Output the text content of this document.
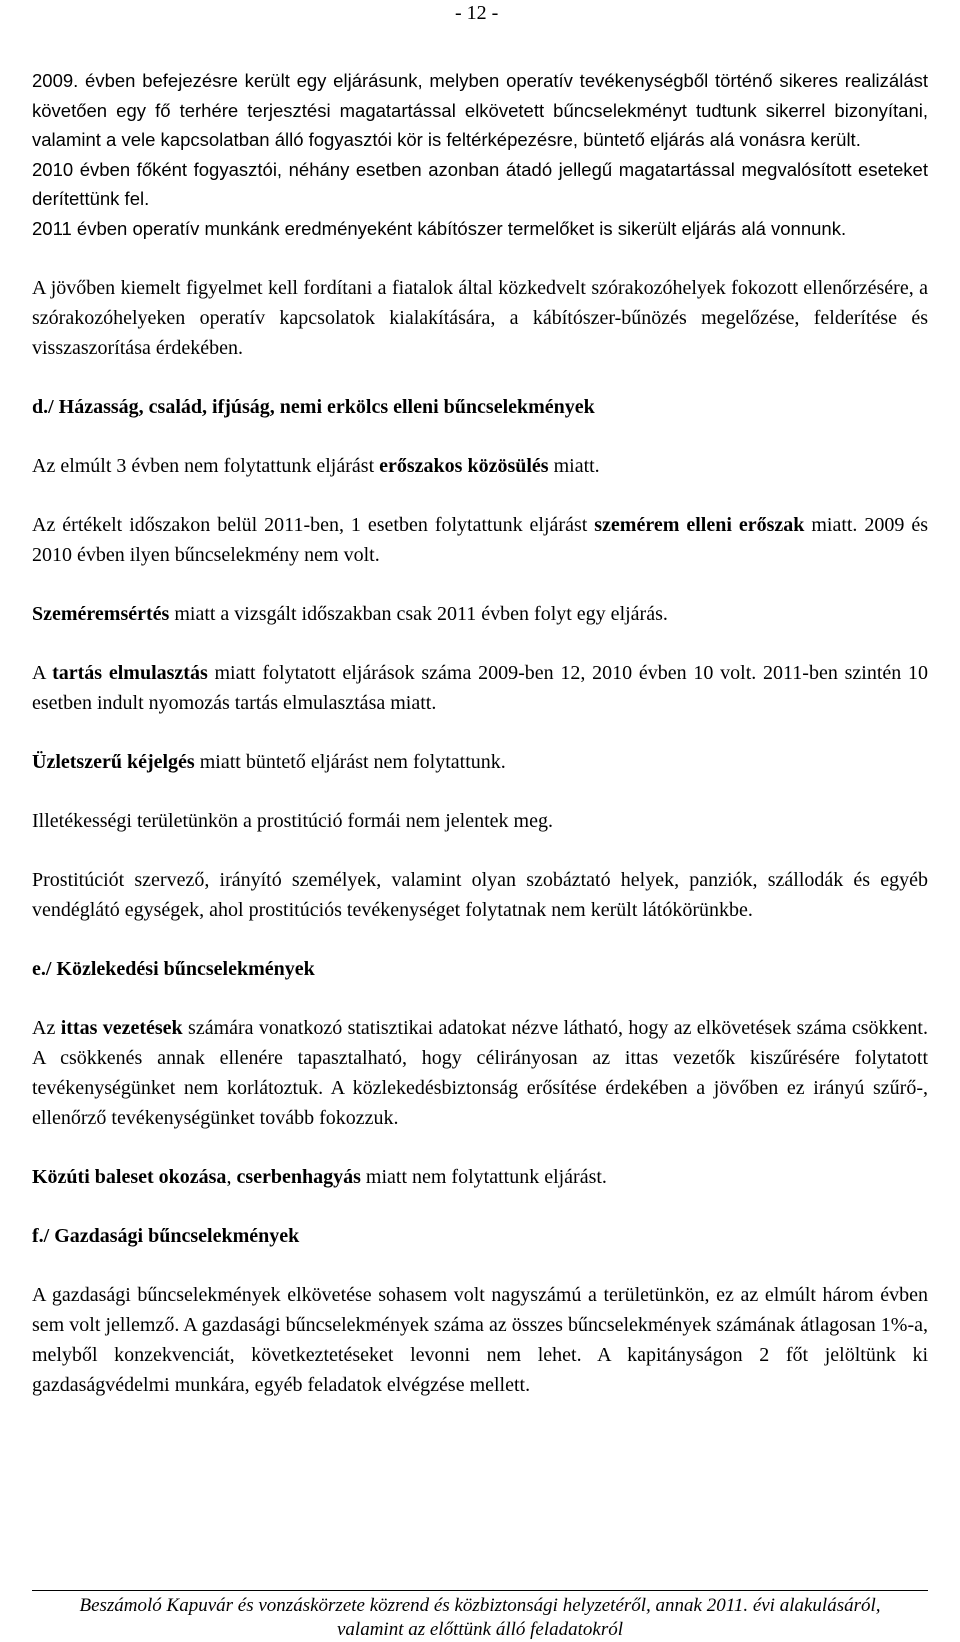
- 12 -

2009. évben befejezésre került egy eljárásunk, melyben operatív tevékenységből történő sikeres realizálást követően egy fő terhére terjesztési magatartással elkövetett bűncselekményt tudtunk sikerrel bizonyítani, valamint a vele kapcsolatban álló fogyasztói kör is feltérképezésre, büntető eljárás alá vonásra került.

2010 évben főként fogyasztói, néhány esetben azonban átadó jellegű magatartással megvalósított eseteket derítettünk fel.

2011 évben operatív munkánk eredményeként kábítószer termelőket is sikerült eljárás alá vonnunk.

A jövőben kiemelt figyelmet kell fordítani a fiatalok által közkedvelt szórakozóhelyek fokozott ellenőrzésére, a szórakozóhelyeken operatív kapcsolatok kialakítására, a kábítószer-bűnözés megelőzése, felderítése és visszaszorítása érdekében.

d./ Házasság, család, ifjúság, nemi erkölcs elleni bűncselekmények

Az elmúlt 3 évben nem folytattunk eljárást erőszakos közösülés miatt.

Az értékelt időszakon belül 2011-ben, 1 esetben folytattunk eljárást szemérem elleni erőszak miatt. 2009 és 2010 évben ilyen bűncselekmény nem volt.

Szeméremsértés miatt a vizsgált időszakban csak 2011 évben folyt egy eljárás.

A tartás elmulasztás miatt folytatott eljárások száma 2009-ben 12, 2010 évben 10 volt. 2011-ben szintén 10 esetben indult nyomozás tartás elmulasztása miatt.

Üzletszerű kéjelgés miatt büntető eljárást nem folytattunk.

Illetékességi területünkön a prostitúció formái nem jelentek meg.

Prostitúciót szervező, irányító személyek, valamint olyan szobáztató helyek, panziók, szállodák és egyéb vendéglátó egységek, ahol prostitúciós tevékenységet folytatnak nem került látókörünkbe.

e./ Közlekedési bűncselekmények

Az ittas vezetések számára vonatkozó statisztikai adatokat nézve látható, hogy az elkövetések száma csökkent. A csökkenés annak ellenére tapasztalható, hogy célirányosan az ittas vezetők kiszűrésére folytatott tevékenységünket nem korlátoztuk. A közlekedésbiztonság erősítése érdekében a jövőben ez irányú szűrő-, ellenőrző tevékenységünket tovább fokozzuk.

Közúti baleset okozása, cserbenhagyás miatt nem folytattunk eljárást.

f./ Gazdasági bűncselekmények

A gazdasági bűncselekmények elkövetése sohasem volt nagyszámú a területünkön, ez az elmúlt három évben sem volt jellemző. A gazdasági bűncselekmények száma az összes bűncselekmények számának átlagosan 1%-a, melyből konzekvenciát, következtetéseket levonni nem lehet. A kapitányságon 2 főt jelöltünk ki gazdaságvédelmi munkára, egyéb feladatok elvégzése mellett.

Beszámoló Kapuvár és vonzáskörzete közrend és közbiztonsági helyzetéről, annak 2011. évi alakulásáról,
valamint az előttünk álló feladatokról
